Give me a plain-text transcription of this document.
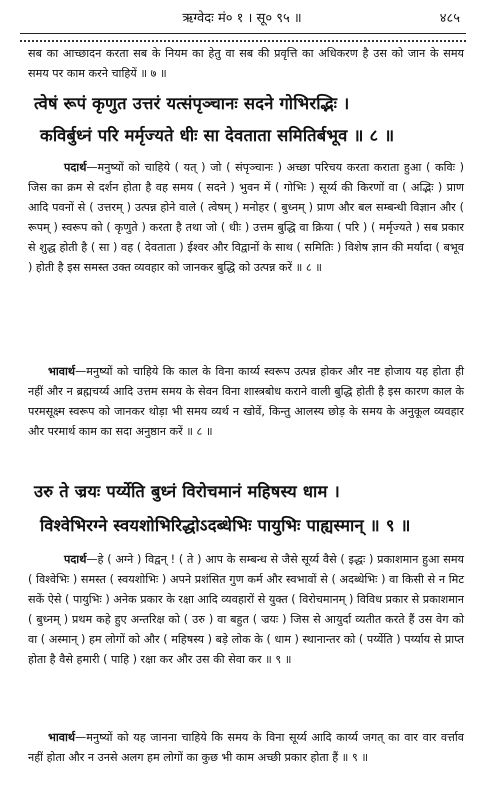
ऋग्वेदः मं० १ । सू० ९५ ॥	४८५

सब का आच्छादन करता सब के नियम का हेतु वा सब की प्रवृत्ति का अधिकरण है उस को जान के समय समय पर काम करने चाहियें ॥ ७ ॥

त्वेषं रूपं कृणुत उत्तरं यत्संपृञ्चानः सदने गोभिरद्भिः ।
कविर्बुध्नं परि मर्मृज्यते धीः सा देवताता समितिर्बभूव ॥ ८ ॥

पदार्थ—मनुष्यों को चाहिये ( यत् ) जो ( संपृञ्चानः ) अच्छा परिचय करता कराता हुआ ( कविः ) जिस का क्रम से दर्शन होता है वह समय ( सदने ) भुवन में ( गोभिः ) सूर्य्य की किरणों वा ( अद्भिः ) प्राण आदि पवनों से ( उत्तरम् ) उत्पन्न होने वाले ( त्वेषम् ) मनोहर ( बुध्नम् ) प्राण और बल सम्बन्धी विज्ञान और ( रूपम् ) स्वरूप को ( कृणुते ) करता है तथा जो ( धीः ) उत्तम बुद्धि वा क्रिया ( परि ) ( मर्मृज्यते ) सब प्रकार से शुद्ध होती है ( सा ) वह ( देवताता ) ईश्वर और विद्वानों के साथ ( समितिः ) विशेष ज्ञान की मर्यादा ( बभूव ) होती है इस समस्त उक्त व्यवहार को जानकर बुद्धि को उत्पन्न करें ॥ ८ ॥

भावार्थ—मनुष्यों को चाहिये कि काल के विना कार्य्य स्वरूप उत्पन्न होकर और नष्ट होजाय यह होता ही नहीं और न ब्रह्मचर्य्य आदि उत्तम समय के सेवन विना शास्त्रबोध कराने वाली बुद्धि होती है इस कारण काल के परमसूक्ष्म स्वरूप को जानकर थोड़ा भी समय व्यर्थ न खोवें, किन्तु आलस्य छोड़ के समय के अनुकूल व्यवहार और परमार्थ काम का सदा अनुष्ठान करें ॥ ८ ॥

उरु ते ज्रयः पर्य्येति बुध्नं विरोचमानं महिषस्य धाम ।
विश्वेभिरग्ने स्वयशोभिरिद्धोऽदब्धेभिः पायुभिः पाह्यस्मान् ॥ ९ ॥

पदार्थ—हे ( अग्ने ) विद्वन् ! ( ते ) आप के सम्बन्ध से जैसे सूर्य्य वैसे ( इद्धः ) प्रकाशमान हुआ समय ( विश्वेभिः ) समस्त ( स्वयशोभिः ) अपने प्रशंसित गुण कर्म और स्वभावों से ( अदब्धेभिः ) वा किसी से न मिट सकें ऐसे ( पायुभिः ) अनेक प्रकार के रक्षा आदि व्यवहारों से युक्त ( विरोचमानम् ) विविध प्रकार से प्रकाशमान ( बुध्नम् ) प्रथम कहे हुए अन्तरिक्ष को ( उरु ) वा बहुत ( ज्रयः ) जिस से आयुर्दा व्यतीत करते हैं उस वेग को वा ( अस्मान् ) हम लोगों को और ( महिषस्य ) बड़े लोक के ( धाम ) स्थानान्तर को ( पर्य्येति ) पर्य्याय से प्राप्त होता है वैसे हमारी ( पाहि ) रक्षा कर और उस की सेवा कर ॥ ९ ॥

भावार्थ—मनुष्यों को यह जानना चाहिये कि समय के विना सूर्य्य आदि कार्य्य जगत् का वार वार वर्त्ताव नहीं होता और न उनसे अलग हम लोगों का कुछ भी काम अच्छी प्रकार होता हैं ॥ ९ ॥
